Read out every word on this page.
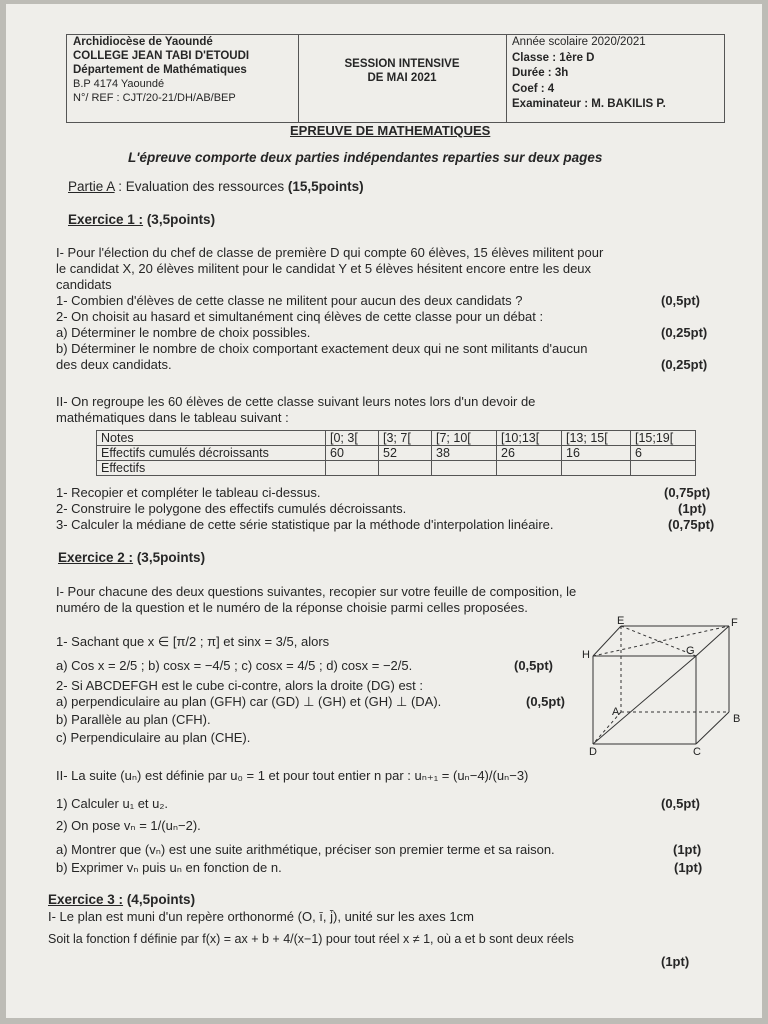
Archidiocèse de Yaoundé
COLLEGE JEAN TABI D'ETOUDI
Département de Mathématiques
B.P 4174 Yaoundé
N°/ REF : CJT/20-21/DH/AB/BEP
SESSION INTENSIVE
DE MAI 2021
Année scolaire 2020/2021
Classe : 1ère D
Durée : 3h
Coef : 4
Examinateur : M. BAKILIS P.
EPREUVE DE MATHEMATIQUES
L'épreuve comporte deux parties indépendantes reparties sur deux pages
Partie A : Evaluation des ressources (15,5points)
Exercice 1 : (3,5points)
I- Pour l'élection du chef de classe de première D qui compte 60 élèves, 15 élèves militent pour
le candidat X, 20 élèves militent pour le candidat Y et 5 élèves hésitent encore entre les deux
candidats
1- Combien d'élèves de cette classe ne militent pour aucun des deux candidats ?	(0,5pt)
2- On choisit au hasard et simultanément cinq élèves de cette classe pour un débat :
a) Déterminer le nombre de choix possibles.	(0,25pt)
b) Déterminer le nombre de choix comportant exactement deux qui ne sont militants d'aucun
des deux candidats.	(0,25pt)
II- On regroupe les 60 élèves de cette classe suivant leurs notes lors d'un devoir de
mathématiques dans le tableau suivant :
Notes	[0; 3[	[3; 7[	[7; 10[	[10;13[	[13; 15[	[15;19[
Effectifs cumulés décroissants	60	52	38	26	16	6
Effectifs						
1- Recopier et compléter le tableau ci-dessus.	(0,75pt)
2- Construire le polygone des effectifs cumulés décroissants.	(1pt)
3- Calculer la médiane de cette série statistique par la méthode d'interpolation linéaire.	(0,75pt)
Exercice 2 : (3,5points)
I- Pour chacune des deux questions suivantes, recopier sur votre feuille de composition, le
numéro de la question et le numéro de la réponse choisie parmi celles proposées.
1- Sachant que x ∈ [π/2 ; π] et sinx = 3/5, alors
a) Cos x = 2/5 ; b) cosx = −4/5 ; c) cosx = 4/5 ; d) cosx = −2/5.	(0,5pt)
2- Si ABCDEFGH est le cube ci-contre, alors la droite (DG) est :
a) perpendiculaire au plan (GFH) car (GD) ⊥ (GH) et (GH) ⊥ (DA).	(0,5pt)
b) Parallèle au plan (CFH).
c) Perpendiculaire au plan (CHE).
E	F
H	G
A
B
D	C
II- La suite (uₙ) est définie par u₀ = 1 et pour tout entier n par : uₙ₊₁ = (uₙ−4)/(uₙ−3)
1) Calculer u₁ et u₂.	(0,5pt)
2) On pose vₙ = 1/(uₙ−2).
a) Montrer que (vₙ) est une suite arithmétique, préciser son premier terme et sa raison.	(1pt)
b) Exprimer vₙ puis uₙ en fonction de n.	(1pt)
Exercice 3 : (4,5points)
I- Le plan est muni d'un repère orthonormé (O, ī, j̄), unité sur les axes 1cm
Soit la fonction f définie par f(x) = ax + b + 4/(x−1) pour tout réel x ≠ 1, où a et b sont deux réels
(1pt)
